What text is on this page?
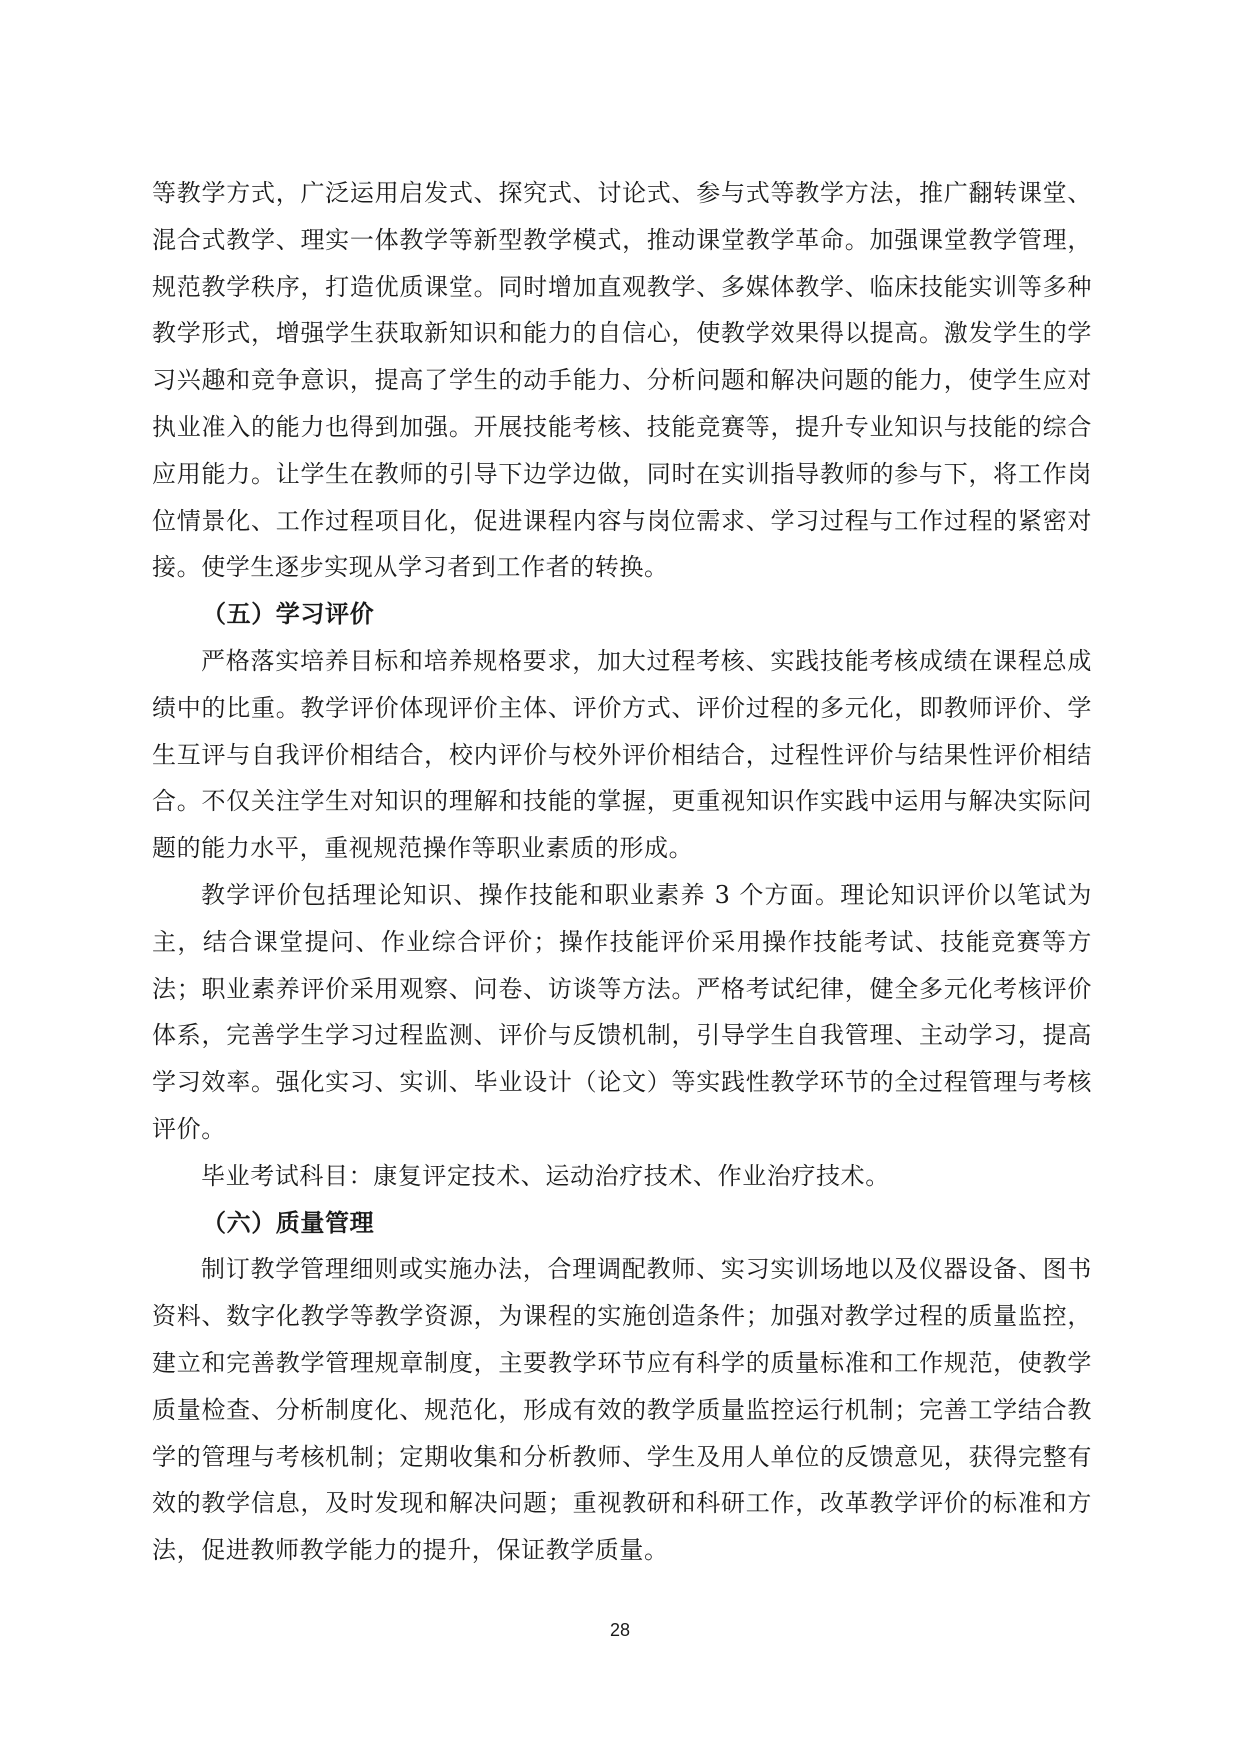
等教学方式，广泛运用启发式、探究式、讨论式、参与式等教学方法，推广翻转课堂、混合式教学、理实一体教学等新型教学模式，推动课堂教学革命。加强课堂教学管理，规范教学秩序，打造优质课堂。同时增加直观教学、多媒体教学、临床技能实训等多种教学形式，增强学生获取新知识和能力的自信心，使教学效果得以提高。激发学生的学习兴趣和竞争意识，提高了学生的动手能力、分析问题和解决问题的能力，使学生应对执业准入的能力也得到加强。开展技能考核、技能竞赛等，提升专业知识与技能的综合应用能力。让学生在教师的引导下边学边做，同时在实训指导教师的参与下，将工作岗位情景化、工作过程项目化，促进课程内容与岗位需求、学习过程与工作过程的紧密对接。使学生逐步实现从学习者到工作者的转换。

（五）学习评价

严格落实培养目标和培养规格要求，加大过程考核、实践技能考核成绩在课程总成绩中的比重。教学评价体现评价主体、评价方式、评价过程的多元化，即教师评价、学生互评与自我评价相结合，校内评价与校外评价相结合，过程性评价与结果性评价相结合。不仅关注学生对知识的理解和技能的掌握，更重视知识作实践中运用与解决实际问题的能力水平，重视规范操作等职业素质的形成。

教学评价包括理论知识、操作技能和职业素养 3 个方面。理论知识评价以笔试为主，结合课堂提问、作业综合评价；操作技能评价采用操作技能考试、技能竞赛等方法；职业素养评价采用观察、问卷、访谈等方法。严格考试纪律，健全多元化考核评价体系，完善学生学习过程监测、评价与反馈机制，引导学生自我管理、主动学习，提高学习效率。强化实习、实训、毕业设计（论文）等实践性教学环节的全过程管理与考核评价。

毕业考试科目：康复评定技术、运动治疗技术、作业治疗技术。

（六）质量管理

制订教学管理细则或实施办法，合理调配教师、实习实训场地以及仪器设备、图书资料、数字化教学等教学资源，为课程的实施创造条件；加强对教学过程的质量监控，建立和完善教学管理规章制度，主要教学环节应有科学的质量标准和工作规范，使教学质量检查、分析制度化、规范化，形成有效的教学质量监控运行机制；完善工学结合教学的管理与考核机制；定期收集和分析教师、学生及用人单位的反馈意见，获得完整有效的教学信息，及时发现和解决问题；重视教研和科研工作，改革教学评价的标准和方法，促进教师教学能力的提升，保证教学质量。

28
